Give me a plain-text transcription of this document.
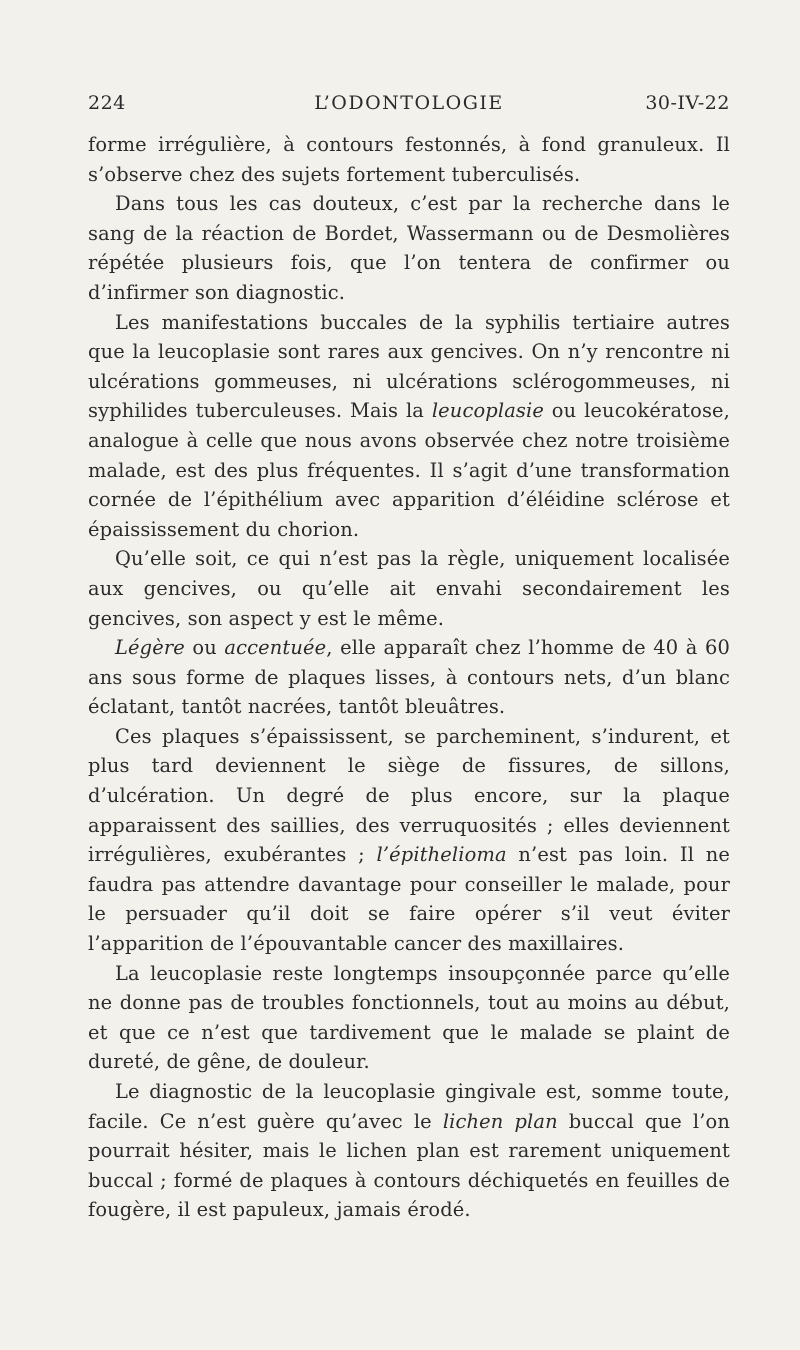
224	L’ODONTOLOGIE	30-IV-22

forme irrégulière, à contours festonnés, à fond granuleux. Il s’observe chez des sujets fortement tuberculisés.

Dans tous les cas douteux, c’est par la recherche dans le sang de la réaction de Bordet, Wassermann ou de Desmolières répétée plusieurs fois, que l’on tentera de confirmer ou d’infirmer son diagnostic.

Les manifestations buccales de la syphilis tertiaire autres que la leucoplasie sont rares aux gencives. On n’y rencontre ni ulcérations gommeuses, ni ulcérations sclérogommeuses, ni syphilides tuberculeuses. Mais la leucoplasie ou leucokératose, analogue à celle que nous avons observée chez notre troisième malade, est des plus fréquentes. Il s’agit d’une transformation cornée de l’épithélium avec apparition d’éléidine sclérose et épaississement du chorion.

Qu’elle soit, ce qui n’est pas la règle, uniquement localisée aux gencives, ou qu’elle ait envahi secondairement les gencives, son aspect y est le même.

Légère ou accentuée, elle apparaît chez l’homme de 40 à 60 ans sous forme de plaques lisses, à contours nets, d’un blanc éclatant, tantôt nacrées, tantôt bleuâtres.

Ces plaques s’épaississent, se parcheminent, s’indurent, et plus tard deviennent le siège de fissures, de sillons, d’ulcération. Un degré de plus encore, sur la plaque apparaissent des saillies, des verruquosités ; elles deviennent irrégulières, exubérantes ; l’épithelioma n’est pas loin. Il ne faudra pas attendre davantage pour conseiller le malade, pour le persuader qu’il doit se faire opérer s’il veut éviter l’apparition de l’épouvantable cancer des maxillaires.

La leucoplasie reste longtemps insoupçonnée parce qu’elle ne donne pas de troubles fonctionnels, tout au moins au début, et que ce n’est que tardivement que le malade se plaint de dureté, de gêne, de douleur.

Le diagnostic de la leucoplasie gingivale est, somme toute, facile. Ce n’est guère qu’avec le lichen plan buccal que l’on pourrait hésiter, mais le lichen plan est rarement uniquement buccal ; formé de plaques à contours déchiquetés en feuilles de fougère, il est papuleux, jamais érodé.
